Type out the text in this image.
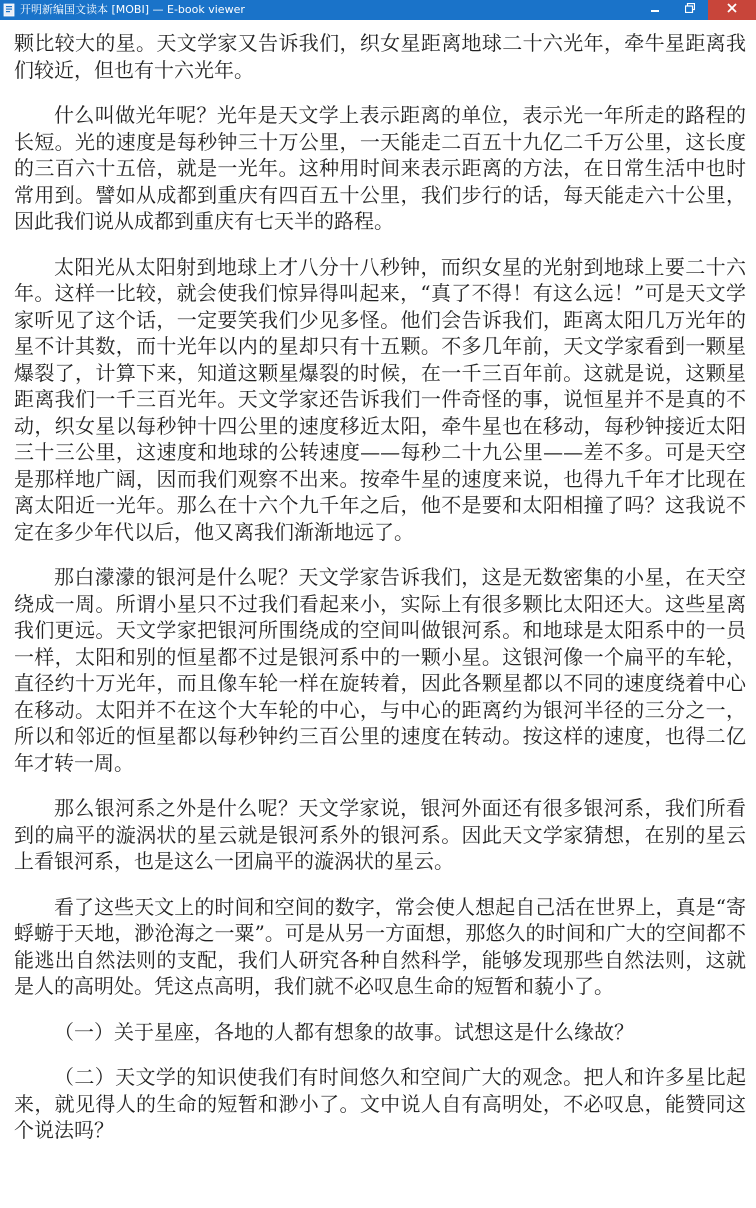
开明新编国文读本 [MOBI] — E-book viewer

颗比较大的星。天文学家又告诉我们，织女星距离地球二十六光年，牵牛星距离我们较近，但也有十六光年。

什么叫做光年呢？光年是天文学上表示距离的单位，表示光一年所走的路程的长短。光的速度是每秒钟三十万公里，一天能走二百五十九亿二千万公里，这长度的三百六十五倍，就是一光年。这种用时间来表示距离的方法，在日常生活中也时常用到。譬如从成都到重庆有四百五十公里，我们步行的话，每天能走六十公里，因此我们说从成都到重庆有七天半的路程。

太阳光从太阳射到地球上才八分十八秒钟，而织女星的光射到地球上要二十六年。这样一比较，就会使我们惊异得叫起来，“真了不得！有这么远！”可是天文学家听见了这个话，一定要笑我们少见多怪。他们会告诉我们，距离太阳几万光年的星不计其数，而十光年以内的星却只有十五颗。不多几年前，天文学家看到一颗星爆裂了，计算下来，知道这颗星爆裂的时候，在一千三百年前。这就是说，这颗星距离我们一千三百光年。天文学家还告诉我们一件奇怪的事，说恒星并不是真的不动，织女星以每秒钟十四公里的速度移近太阳，牵牛星也在移动，每秒钟接近太阳三十三公里，这速度和地球的公转速度——每秒二十九公里——差不多。可是天空是那样地广阔，因而我们观察不出来。按牵牛星的速度来说，也得九千年才比现在离太阳近一光年。那么在十六个九千年之后，他不是要和太阳相撞了吗？这我说不定在多少年代以后，他又离我们渐渐地远了。

那白濛濛的银河是什么呢？天文学家告诉我们，这是无数密集的小星，在天空绕成一周。所谓小星只不过我们看起来小，实际上有很多颗比太阳还大。这些星离我们更远。天文学家把银河所围绕成的空间叫做银河系。和地球是太阳系中的一员一样，太阳和别的恒星都不过是银河系中的一颗小星。这银河像一个扁平的车轮，直径约十万光年，而且像车轮一样在旋转着，因此各颗星都以不同的速度绕着中心在移动。太阳并不在这个大车轮的中心，与中心的距离约为银河半径的三分之一，所以和邻近的恒星都以每秒钟约三百公里的速度在转动。按这样的速度，也得二亿年才转一周。

那么银河系之外是什么呢？天文学家说，银河外面还有很多银河系，我们所看到的扁平的漩涡状的星云就是银河系外的银河系。因此天文学家猜想，在别的星云上看银河系，也是这么一团扁平的漩涡状的星云。

看了这些天文上的时间和空间的数字，常会使人想起自己活在世界上，真是“寄蜉蝣于天地，渺沧海之一粟”。可是从另一方面想，那悠久的时间和广大的空间都不能逃出自然法则的支配，我们人研究各种自然科学，能够发现那些自然法则，这就是人的高明处。凭这点高明，我们就不必叹息生命的短暂和藐小了。

（一）关于星座，各地的人都有想象的故事。试想这是什么缘故？

（二）天文学的知识使我们有时间悠久和空间广大的观念。把人和许多星比起来，就见得人的生命的短暂和渺小了。文中说人自有高明处，不必叹息，能赞同这个说法吗？
